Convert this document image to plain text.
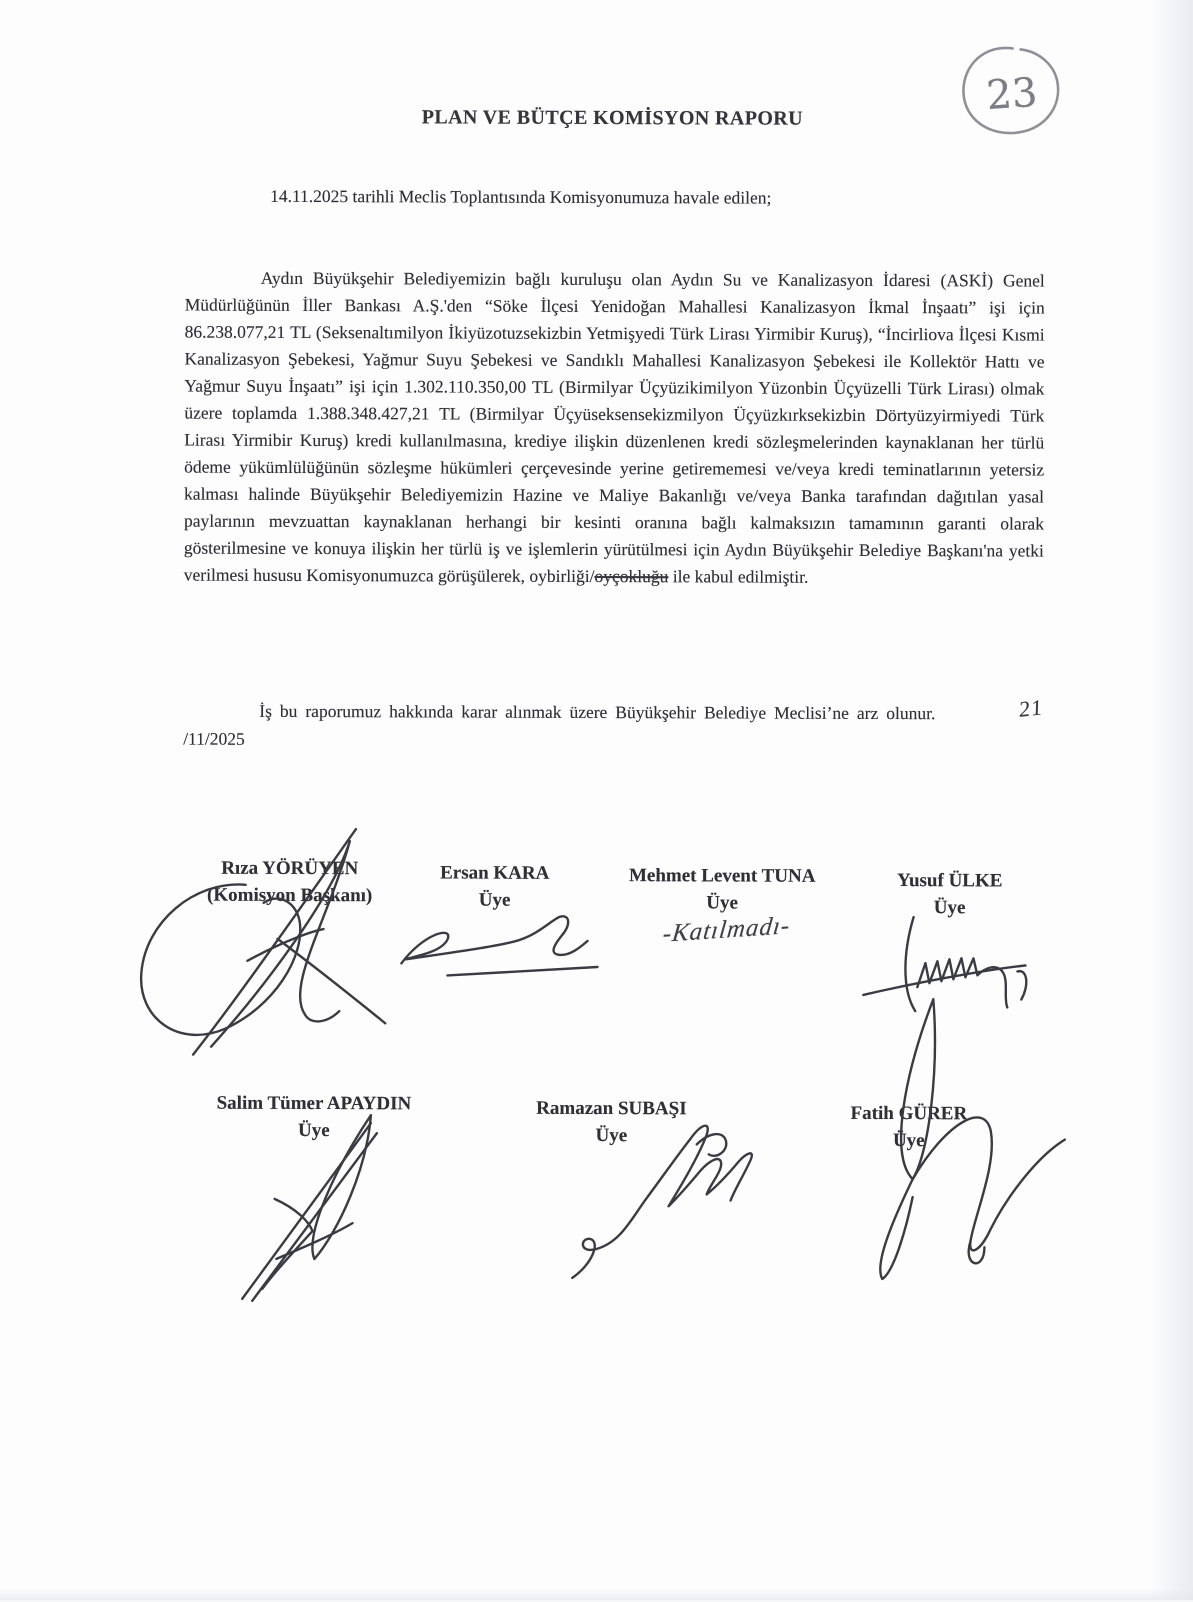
23
PLAN VE BÜTÇE KOMİSYON RAPORU
14.11.2025 tarihli Meclis Toplantısında Komisyonumuza havale edilen;
Aydın Büyükşehir Belediyemizin bağlı kuruluşu olan Aydın Su ve Kanalizasyon İdaresi (ASKİ) Genel Müdürlüğünün İller Bankası A.Ş.'den “Söke İlçesi Yenidoğan Mahallesi Kanalizasyon İkmal İnşaatı” işi için 86.238.077,21 TL (Seksenaltımilyon İkiyüzotuzsekizbin Yetmişyedi Türk Lirası Yirmibir Kuruş), “İncirliova İlçesi Kısmi Kanalizasyon Şebekesi, Yağmur Suyu Şebekesi ve Sandıklı Mahallesi Kanalizasyon Şebekesi ile Kollektör Hattı ve Yağmur Suyu İnşaatı” işi için 1.302.110.350,00 TL (Birmilyar Üçyüzikimilyon Yüzonbin Üçyüzelli Türk Lirası) olmak üzere toplamda 1.388.348.427,21 TL (Birmilyar Üçyüseksensekizmilyon Üçyüzkırksekizbin Dörtyüzyirmiyedi Türk Lirası Yirmibir Kuruş) kredi kullanılmasına, krediye ilişkin düzenlenen kredi sözleşmelerinden kaynaklanan her türlü ödeme yükümlülüğünün sözleşme hükümleri çerçevesinde yerine getirememesi ve/veya kredi teminatlarının yetersiz kalması halinde Büyükşehir Belediyemizin Hazine ve Maliye Bakanlığı ve/veya Banka tarafından dağıtılan yasal paylarının mevzuattan kaynaklanan herhangi bir kesinti oranına bağlı kalmaksızın tamamının garanti olarak gösterilmesine ve konuya ilişkin her türlü iş ve işlemlerin yürütülmesi için Aydın Büyükşehir Belediye Başkanı'na yetki verilmesi hususu Komisyonumuzca görüşülerek, oybirliği/oyçokluğu ile kabul edilmiştir.
İş bu raporumuz hakkında karar alınmak üzere Büyükşehir Belediye Meclisi’ne arz olunur.	21/11/2025
Rıza YÖRÜYEN
(Komisyon Başkanı)
Ersan KARA
Üye
Mehmet Levent TUNA
Üye
Yusuf ÜLKE
Üye
Salim Tümer APAYDIN
Üye
Ramazan SUBAŞI
Üye
Fatih GÜRER
Üye
-Katılmadı-
